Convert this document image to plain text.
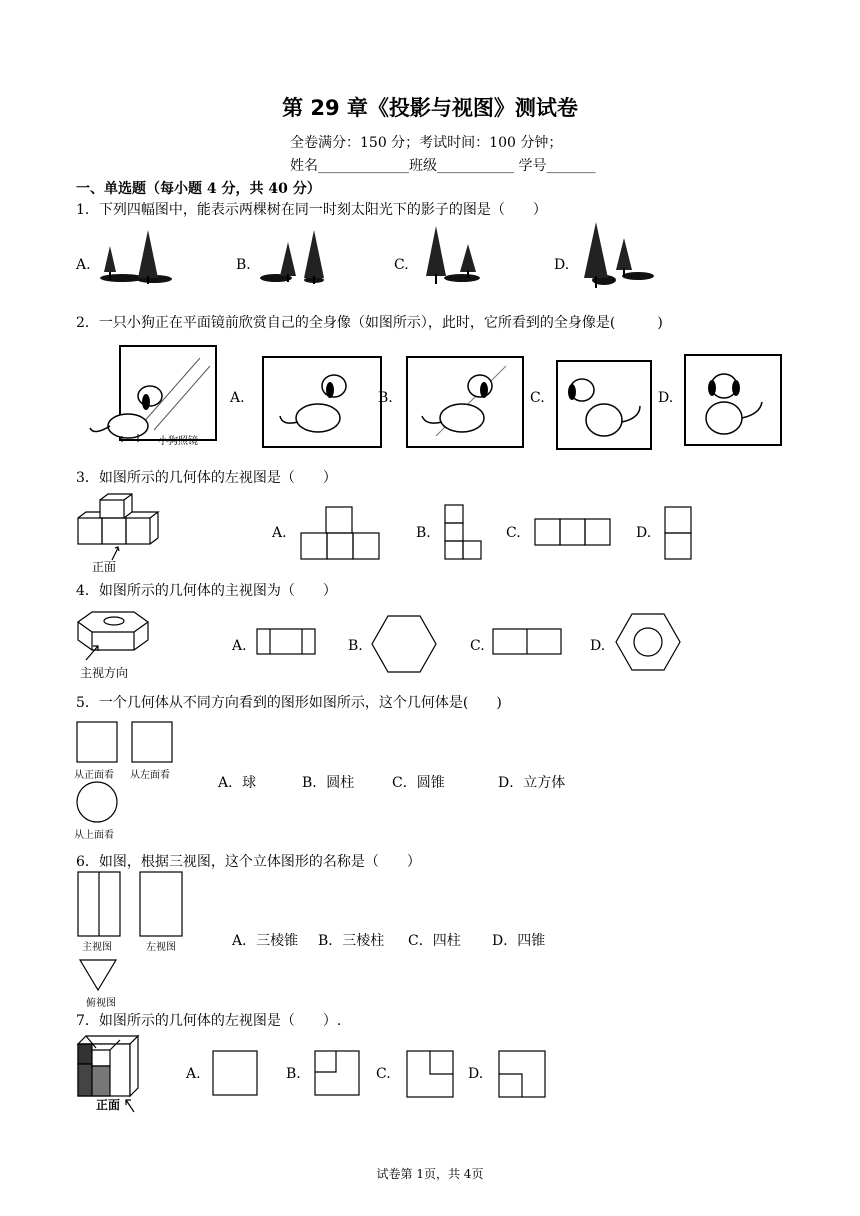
第 29 章《投影与视图》测试卷
全卷满分：150 分；考试时间：100 分钟；
姓名_____________班级___________ 学号_______
一、单选题（每小题 4 分，共 40 分）
1．下列四幅图中，能表示两棵树在同一时刻太阳光下的影子的图是（　　）
A.	B.	C.	D.
2．一只小狗正在平面镜前欣赏自己的全身像（如图所示），此时，它所看到的全身像是(　　　)
小狗照镜
A.	B.	C.	D.
3．如图所示的几何体的左视图是（　　）
正面
A.	B.	C.	D.
4．如图所示的几何体的主视图为（　　）
主视方向
A.	B.	C.	D.
5．一个几何体从不同方向看到的图形如图所示，这个几何体是(　　)
从正面看 从左面看
从上面看
A．球	B．圆柱	C．圆锥	D．立方体
6．如图，根据三视图，这个立体图形的名称是（　　）
主视图	左视图
俯视图
A．三棱锥 B．三棱柱 C．四柱 D．四锥
7．如图所示的几何体的左视图是（　　）.
正面
A.	B.	C.	D.
试卷第 1页，共 4页
